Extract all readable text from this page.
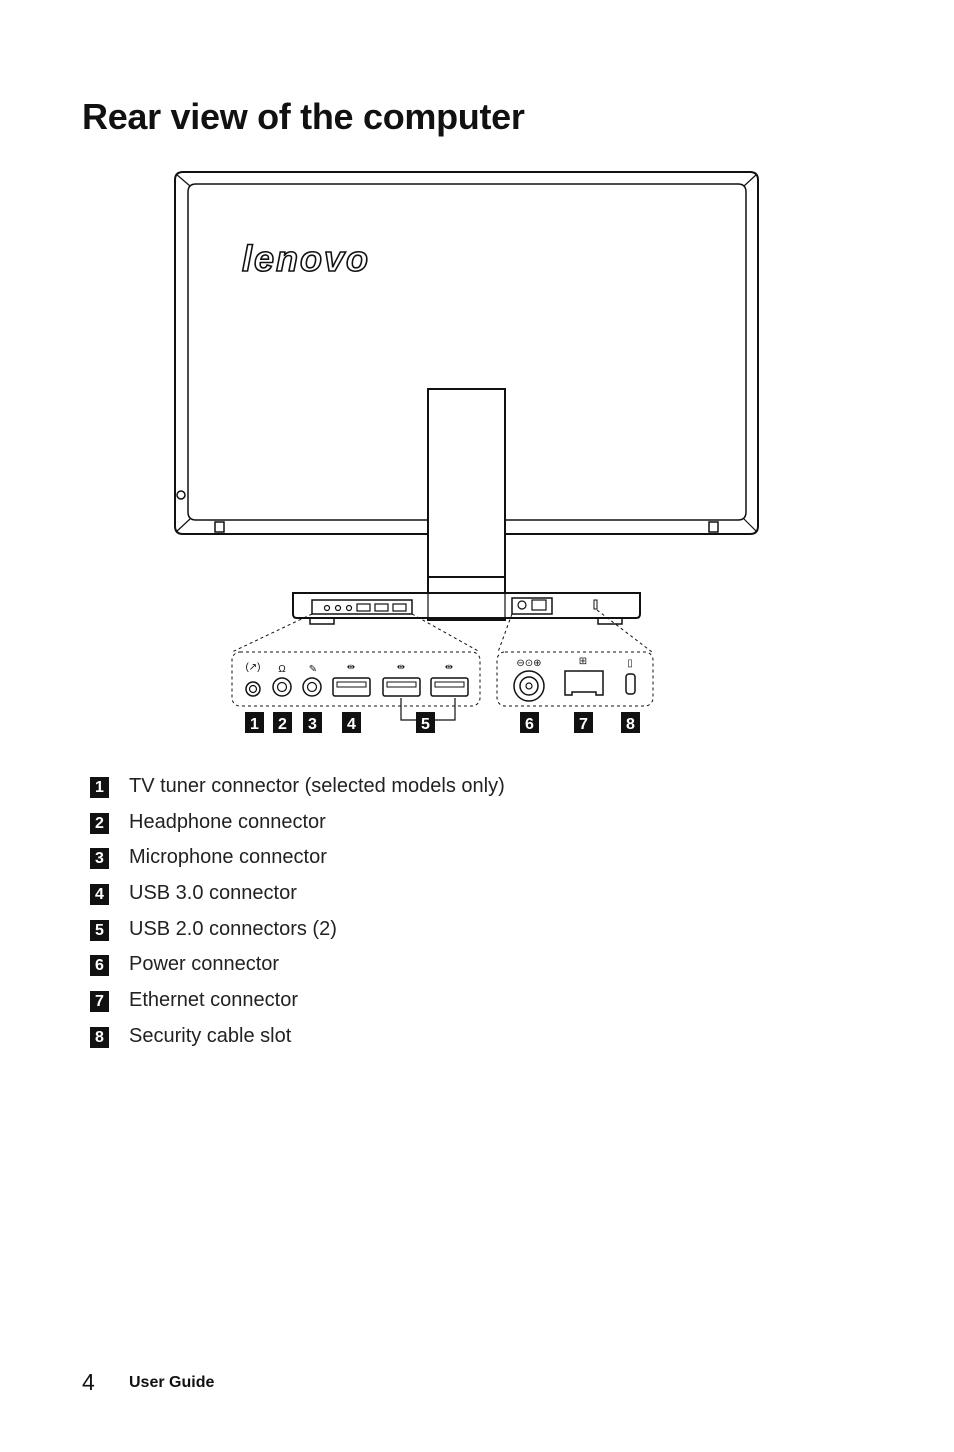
Rear view of the computer
(↗) Ω ✎	⇹	⇹	⇹	⊖⊙⊕	⊞	▯
lenovo
1 2 3 4	5	6	7 8
1 TV tuner connector (selected models only)
2 Headphone connector
3 Microphone connector
4 USB 3.0 connector
5 USB 2.0 connectors (2)
6 Power connector
7 Ethernet connector
8 Security cable slot
4 User Guide
